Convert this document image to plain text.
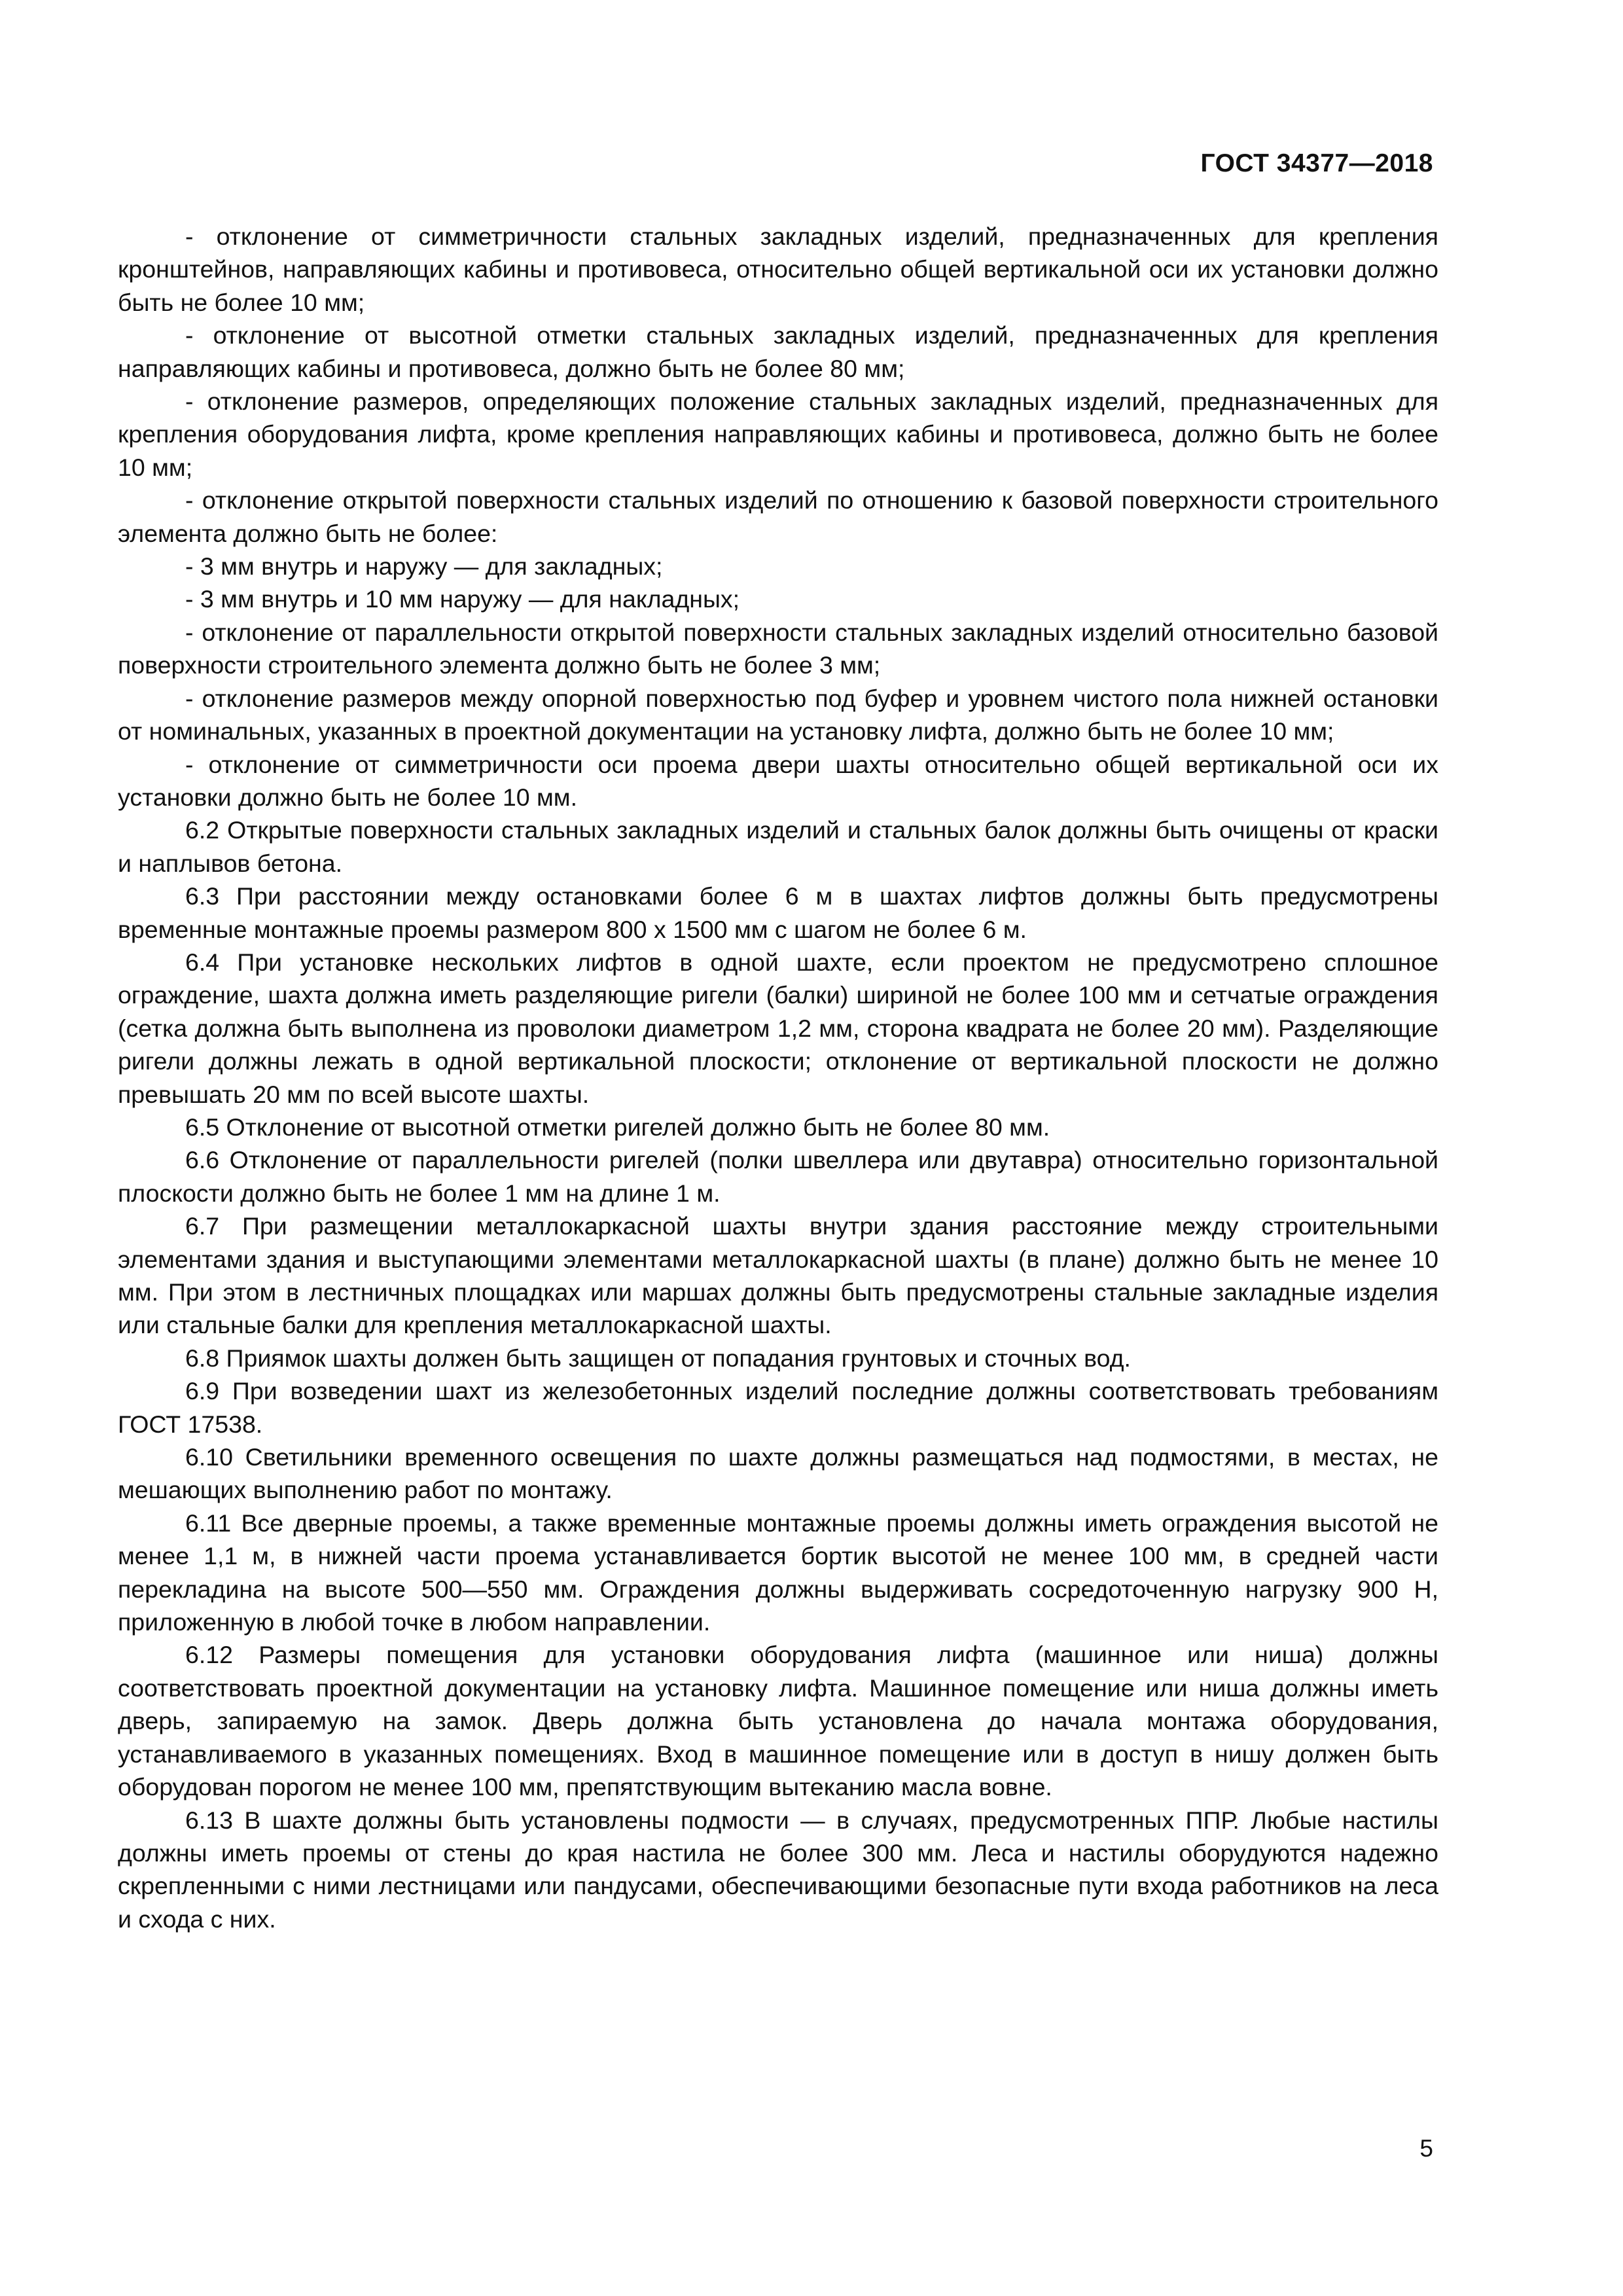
ГОСТ 34377—2018

- отклонение от симметричности стальных закладных изделий, предназначенных для крепления кронштейнов, направляющих кабины и противовеса, относительно общей вертикальной оси их установки должно быть не более 10 мм;

- отклонение от высотной отметки стальных закладных изделий, предназначенных для крепления направляющих кабины и противовеса, должно быть не более 80 мм;

- отклонение размеров, определяющих положение стальных закладных изделий, предназначенных для крепления оборудования лифта, кроме крепления направляющих кабины и противовеса, должно быть не более 10 мм;

- отклонение открытой поверхности стальных изделий по отношению к базовой поверхности строительного элемента должно быть не более:

- 3 мм внутрь и наружу — для закладных;

- 3 мм внутрь и 10 мм наружу — для накладных;

- отклонение от параллельности открытой поверхности стальных закладных изделий относительно базовой поверхности строительного элемента должно быть не более 3 мм;

- отклонение размеров между опорной поверхностью под буфер и уровнем чистого пола нижней остановки от номинальных, указанных в проектной документации на установку лифта, должно быть не более 10 мм;

- отклонение от симметричности оси проема двери шахты относительно общей вертикальной оси их установки должно быть не более 10 мм.

6.2 Открытые поверхности стальных закладных изделий и стальных балок должны быть очищены от краски и наплывов бетона.

6.3 При расстоянии между остановками более 6 м в шахтах лифтов должны быть предусмотрены временные монтажные проемы размером 800 х 1500 мм с шагом не более 6 м.

6.4 При установке нескольких лифтов в одной шахте, если проектом не предусмотрено сплошное ограждение, шахта должна иметь разделяющие ригели (балки) шириной не более 100 мм и сетчатые ограждения (сетка должна быть выполнена из проволоки диаметром 1,2 мм, сторона квадрата не более 20 мм). Разделяющие ригели должны лежать в одной вертикальной плоскости; отклонение от вертикальной плоскости не должно превышать 20 мм по всей высоте шахты.

6.5 Отклонение от высотной отметки ригелей должно быть не более 80 мм.

6.6 Отклонение от параллельности ригелей (полки швеллера или двутавра) относительно горизонтальной плоскости должно быть не более 1 мм на длине 1 м.

6.7 При размещении металлокаркасной шахты внутри здания расстояние между строительными элементами здания и выступающими элементами металлокаркасной шахты (в плане) должно быть не менее 10 мм. При этом в лестничных площадках или маршах должны быть предусмотрены стальные закладные изделия или стальные балки для крепления металлокаркасной шахты.

6.8 Приямок шахты должен быть защищен от попадания грунтовых и сточных вод.

6.9 При возведении шахт из железобетонных изделий последние должны соответствовать требованиям ГОСТ 17538.

6.10 Светильники временного освещения по шахте должны размещаться над подмостями, в местах, не мешающих выполнению работ по монтажу.

6.11 Все дверные проемы, а также временные монтажные проемы должны иметь ограждения высотой не менее 1,1 м, в нижней части проема устанавливается бортик высотой не менее 100 мм, в средней части перекладина на высоте 500—550 мм. Ограждения должны выдерживать сосредоточенную нагрузку 900 Н, приложенную в любой точке в любом направлении.

6.12 Размеры помещения для установки оборудования лифта (машинное или ниша) должны соответствовать проектной документации на установку лифта. Машинное помещение или ниша должны иметь дверь, запираемую на замок. Дверь должна быть установлена до начала монтажа оборудования, устанавливаемого в указанных помещениях. Вход в машинное помещение или в доступ в нишу должен быть оборудован порогом не менее 100 мм, препятствующим вытеканию масла вовне.

6.13 В шахте должны быть установлены подмости — в случаях, предусмотренных ППР. Любые настилы должны иметь проемы от стены до края настила не более 300 мм. Леса и настилы оборудуются надежно скрепленными с ними лестницами или пандусами, обеспечивающими безопасные пути входа работников на леса и схода с них.

5
